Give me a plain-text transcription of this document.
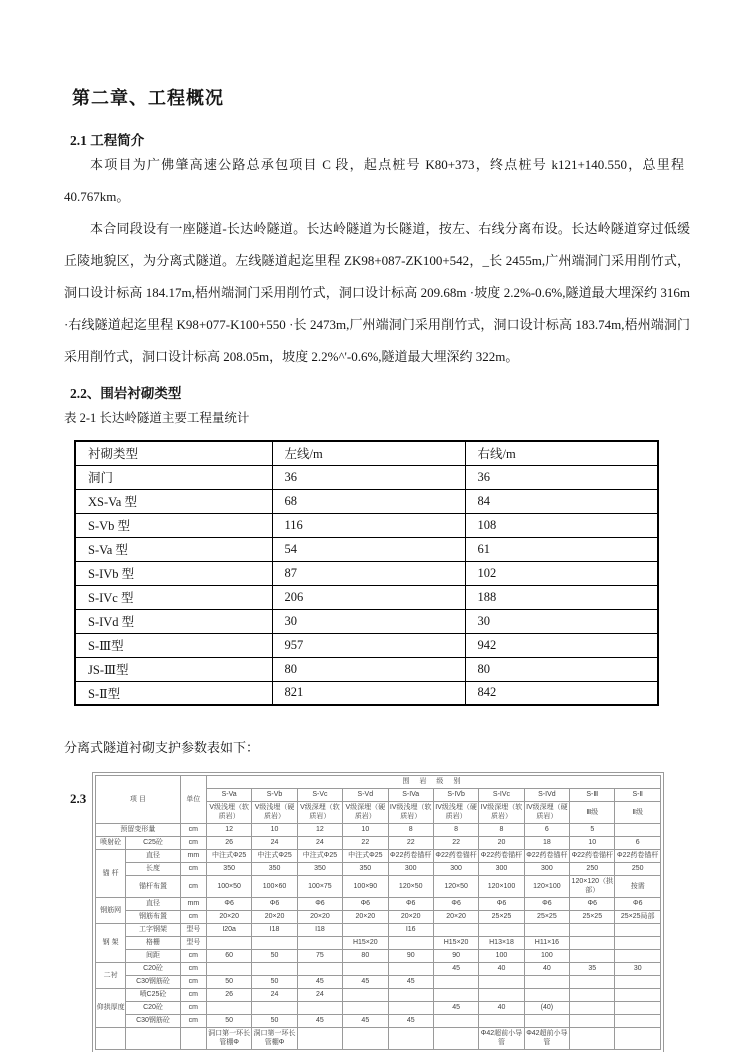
第二章、工程概况
2.1 工程简介

本项目为广佛肇高速公路总承包项目 C 段，起点桩号 K80+373，终点桩号 k121+140.550，总里程 40.767km。

本合同段设有一座隧道-长达岭隧道。长达岭隧道为长隧道，按左、右线分离布设。长达岭隧道穿过低缓丘陵地貌区，为分离式隧道。左线隧道起迄里程 ZK98+087-ZK100+542，_长 2455m,广州端洞门采用削竹式，洞口设计标高 184.17m,梧州端洞门采用削竹式，洞口设计标高 209.68m ·坡度 2.2%-0.6%,隧道最大埋深约 316m ·右线隧道起迄里程 K98+077-K100+550 ·长 2473m,厂州端洞门采用削竹式，洞口设计标高 183.74m,梧州端洞门采用削竹式，洞口设计标高 208.05m，坡度 2.2%^'-0.6%,隧道最大埋深约 322m。

2.2、围岩衬砌类型
表 2-1 长达岭隧道主要工程量统计
衬砌类型	左线/m	右线/m
洞门	36	36
XS-Va 型	68	84
S-Vb 型	116	108
S-Va 型	54	61
S-IVb 型	87	102
S-IVc 型	206	188
S-IVd 型	30	30
S-Ⅲ型	957	942
JS-Ⅲ型	80	80
S-Ⅱ型	821	842
分离式隧道衬砌支护参数表如下：
2.3	项 目		单位	围 岩 级 别									
			S-Va	S-Vb	S-Vc	S-Vd	S-IVa	S-IVb	S-IVc	S-IVd	S-Ⅲ	S-Ⅱ
			V级浅埋（软质岩）	V级浅埋（硬质岩）	V级深埋（软质岩）	V级深埋（硬质岩）	IV级浅埋（软质岩）	IV级浅埋（硬质岩）	IV级深埋（软质岩）	IV级深埋（硬质岩）	Ⅲ级	Ⅱ级
预留变形量		cm	12	10	12	10	8	8	8	6	5	
喷射砼	C25砼	cm	26	24	24	22	22	22	20	18	10	6
锚 杆	直径	mm	中注式Φ25	中注式Φ25	中注式Φ25	中注式Φ25	Φ22药卷锚杆	Φ22药卷锚杆	Φ22药卷锚杆	Φ22药卷锚杆	Φ22药卷锚杆	Φ22药卷锚杆
	长度	cm	350	350	350	350	300	300	300	300	250	250
	锚杆布置	cm	100×50	100×60	100×75	100×90	120×50	120×50	120×100	120×100	120×120（拱部）	按需
钢筋网	直径	mm	Φ6	Φ6	Φ6	Φ6	Φ6	Φ6	Φ6	Φ6	Φ6	Φ6
	钢筋布置	cm	20×20	20×20	20×20	20×20	20×20	20×20	25×25	25×25	25×25	25×25局部
钢 架	工字钢架	型号	I20a	I18	I18		I16					
	格栅	型号				H15×20		H15×20	H13×18	H11×16		
	间距	cm	60	50	75	80	90	90	100	100		
二衬	C20砼	cm						45	40	40	35	30
	C30钢筋砼	cm	50	50	45	45	45					
仰拱厚度	喷C25砼	cm	26	24	24							
	C20砼	cm						45	40	(40)		
	C30钢筋砼	cm	50	50	45	45	45					
			洞口第一环长管棚Φ	洞口第一环长管棚Φ					Φ42超前小导管	Φ42超前小导管		
